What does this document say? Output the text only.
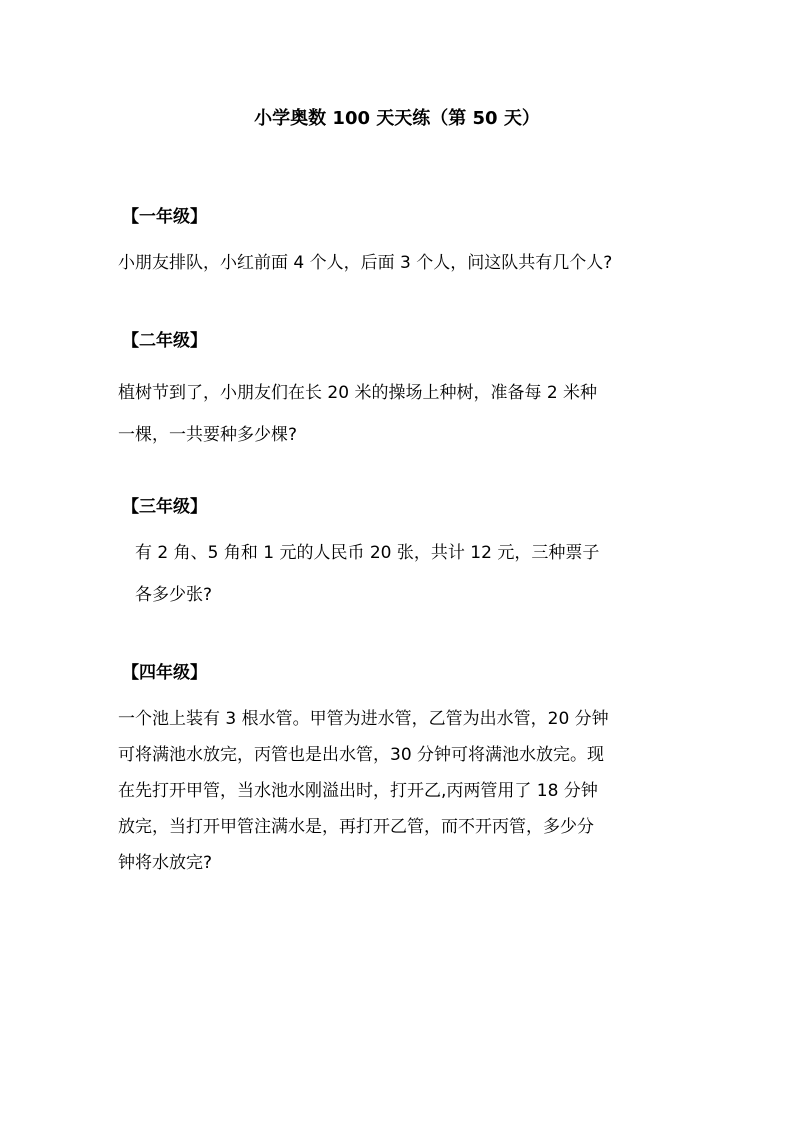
小学奥数 100 天天练（第 50 天）
【一年级】
小朋友排队，小红前面 4 个人，后面 3 个人，问这队共有几个人?
【二年级】
植树节到了，小朋友们在长 20 米的操场上种树，准备每 2 米种
一棵，一共要种多少棵?
【三年级】
有 2 角、5 角和 1 元的人民币 20 张，共计 12 元，三种票子
各多少张?
【四年级】
一个池上装有 3 根水管。甲管为进水管，乙管为出水管，20 分钟
可将满池水放完，丙管也是出水管，30 分钟可将满池水放完。现
在先打开甲管，当水池水刚溢出时，打开乙,丙两管用了 18 分钟
放完，当打开甲管注满水是，再打开乙管，而不开丙管，多少分
钟将水放完?
